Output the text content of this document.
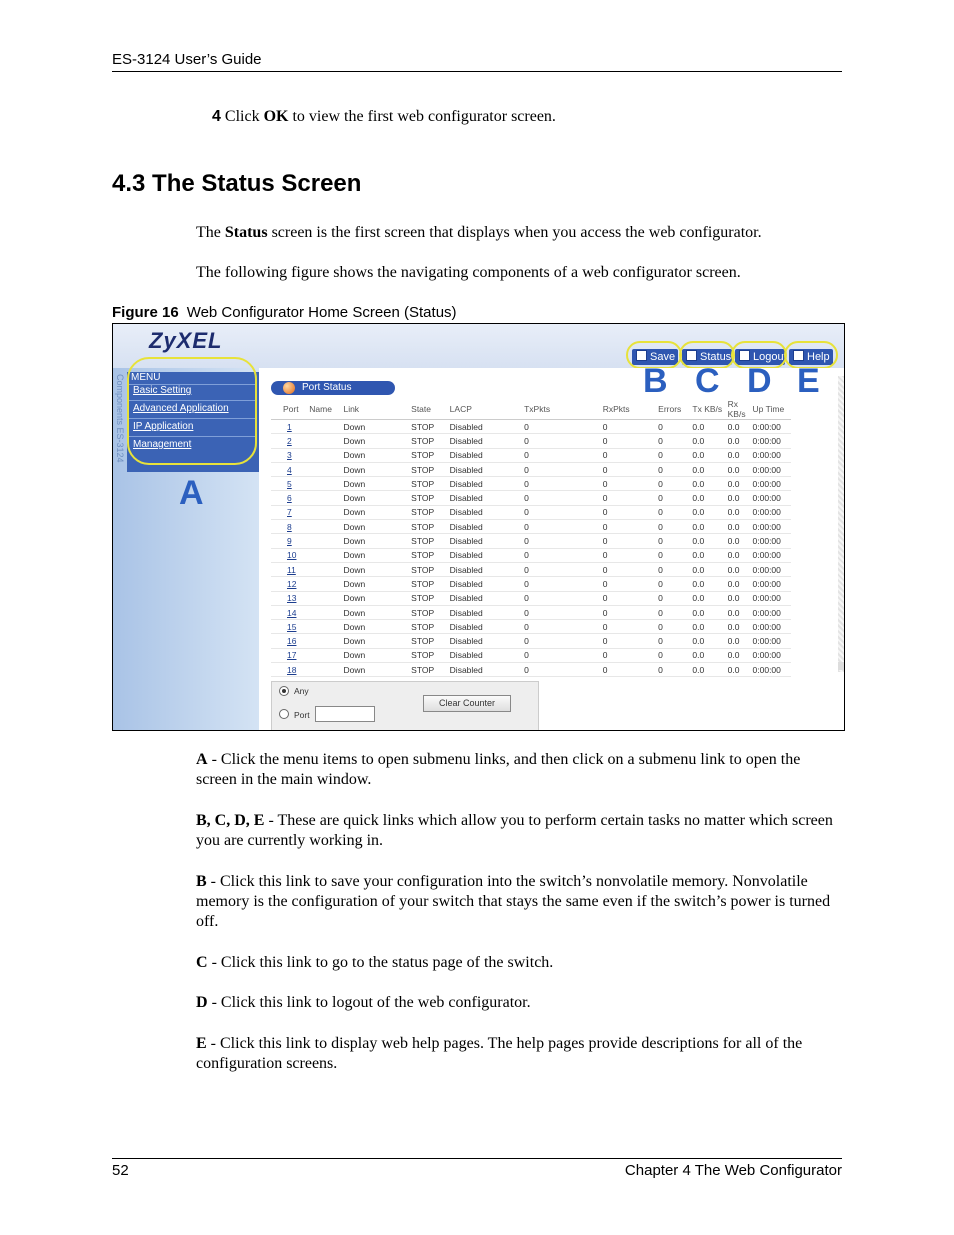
ES-3124 User’s Guide
4 Click OK to view the first web configurator screen.
4.3 The Status Screen
The Status screen is the first screen that displays when you access the web configurator.
The following figure shows the navigating components of a web configurator screen.
Figure 16 Web Configurator Home Screen (Status)
ZyXEL
Save	Status	Logout	Help
Components ES-3124 MENU
Basic Setting
Advanced Application
IP Application
Management
A
Port Status	B C D E
Port	Name	Link	State	LACP	TxPkts	RxPkts	Errors	Tx KB/s	Rx KB/s	Up Time
1		Down	STOP	Disabled	0	0	0	0.0	0.0	0:00:00
2		Down	STOP	Disabled	0	0	0	0.0	0.0	0:00:00
3		Down	STOP	Disabled	0	0	0	0.0	0.0	0:00:00
4		Down	STOP	Disabled	0	0	0	0.0	0.0	0:00:00
5		Down	STOP	Disabled	0	0	0	0.0	0.0	0:00:00
6		Down	STOP	Disabled	0	0	0	0.0	0.0	0:00:00
7		Down	STOP	Disabled	0	0	0	0.0	0.0	0:00:00
8		Down	STOP	Disabled	0	0	0	0.0	0.0	0:00:00
9		Down	STOP	Disabled	0	0	0	0.0	0.0	0:00:00
10		Down	STOP	Disabled	0	0	0	0.0	0.0	0:00:00
11		Down	STOP	Disabled	0	0	0	0.0	0.0	0:00:00
12		Down	STOP	Disabled	0	0	0	0.0	0.0	0:00:00
13		Down	STOP	Disabled	0	0	0	0.0	0.0	0:00:00
14		Down	STOP	Disabled	0	0	0	0.0	0.0	0:00:00
15		Down	STOP	Disabled	0	0	0	0.0	0.0	0:00:00
16		Down	STOP	Disabled	0	0	0	0.0	0.0	0:00:00
17		Down	STOP	Disabled	0	0	0	0.0	0.0	0:00:00
18		Down	STOP	Disabled	0	0	0	0.0	0.0	0:00:00
Any
Port
Clear Counter
A - Click the menu items to open submenu links, and then click on a submenu link to open the screen in the main window.
B, C, D, E - These are quick links which allow you to perform certain tasks no matter which screen you are currently working in.
B - Click this link to save your configuration into the switch’s nonvolatile memory. Nonvolatile memory is the configuration of your switch that stays the same even if the switch’s power is turned off.
C - Click this link to go to the status page of the switch.
D - Click this link to logout of the web configurator.
E - Click this link to display web help pages. The help pages provide descriptions for all of the configuration screens.
52	Chapter 4 The Web Configurator
